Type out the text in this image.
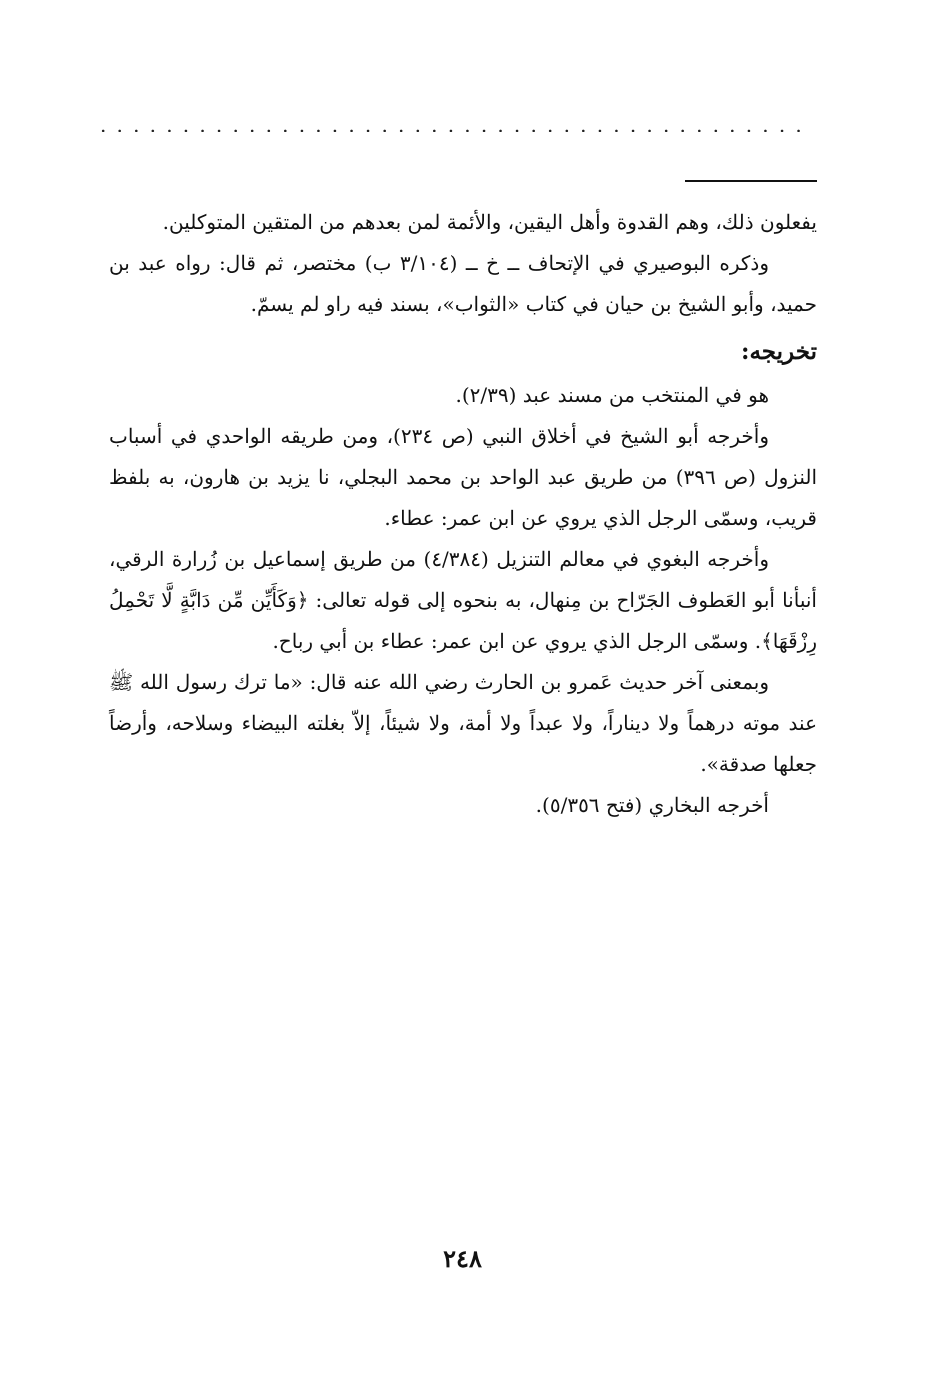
...........................................

يفعلون ذلك، وهم القدوة وأهل اليقين، والأئمة لمن بعدهم من المتقين المتوكلين.

وذكره البوصيري في الإتحاف ــ خ ــ (٣/١٠٤ ب) مختصر، ثم قال: رواه عبد بن حميد، وأبو الشيخ بن حيان في كتاب «الثواب»، بسند فيه راو لم يسمّ.

تخريجه:

هو في المنتخب من مسند عبد (٢/٣٩).

وأخرجه أبو الشيخ في أخلاق النبي (ص ٢٣٤)، ومن طريقه الواحدي في أسباب النزول (ص ٣٩٦) من طريق عبد الواحد بن محمد البجلي، نا يزيد بن هارون، به بلفظ قريب، وسمّى الرجل الذي يروي عن ابن عمر: عطاء.

وأخرجه البغوي في معالم التنزيل (٤/٣٨٤) من طريق إسماعيل بن زُرارة الرقي، أنبأنا أبو العَطوف الجَرّاح بن مِنهال، به بنحوه إلى قوله تعالى: ﴿وَكَأَيِّن مِّن دَابَّةٍ لَّا تَحْمِلُ رِزْقَهَا﴾. وسمّى الرجل الذي يروي عن ابن عمر: عطاء بن أبي رباح.

وبمعنى آخر حديث عَمرو بن الحارث رضي الله عنه قال: «ما ترك رسول الله ﷺ عند موته درهماً ولا ديناراً، ولا عبداً ولا أمة، ولا شيئاً، إلاّ بغلته البيضاء وسلاحه، وأرضاً جعلها صدقة».

أخرجه البخاري (فتح ٥/٣٥٦).

٢٤٨
